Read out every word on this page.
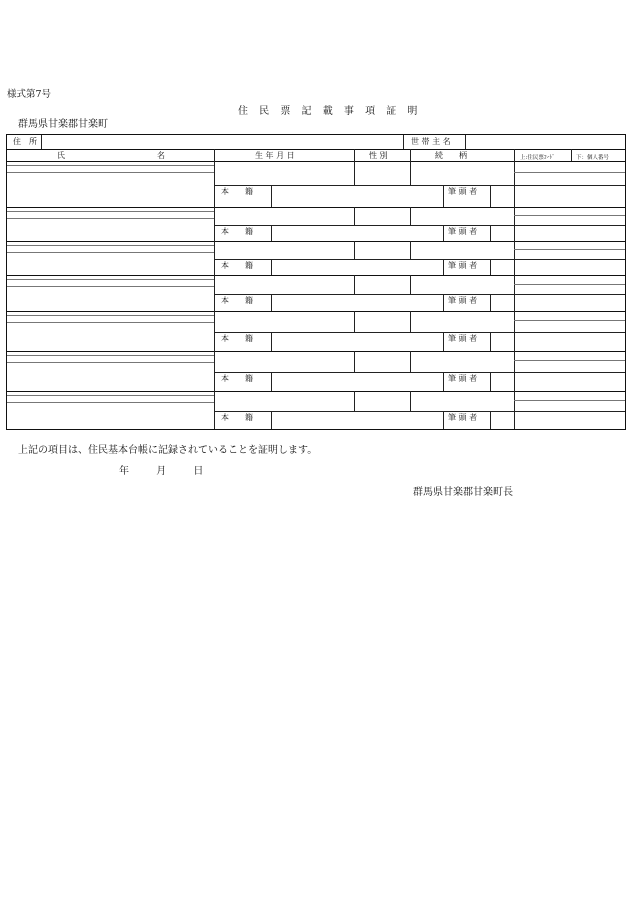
様式第7号
住 民 票 記 載 事 項 証 明
群馬県甘楽郡甘楽町
住　所	世 帯 主 名
氏	名	生 年 月 日	性 別	続　　柄	上:住民票ｺｰﾄﾞ	下：個人番号
本　　籍	筆 頭 者
本　　籍	筆 頭 者
本　　籍	筆 頭 者
本　　籍	筆 頭 者
本　　籍	筆 頭 者
本　　籍	筆 頭 者
本　　籍	筆 頭 者
上記の項目は、住民基本台帳に記録されていることを証明します。
年	月	日
群馬県甘楽郡甘楽町長
